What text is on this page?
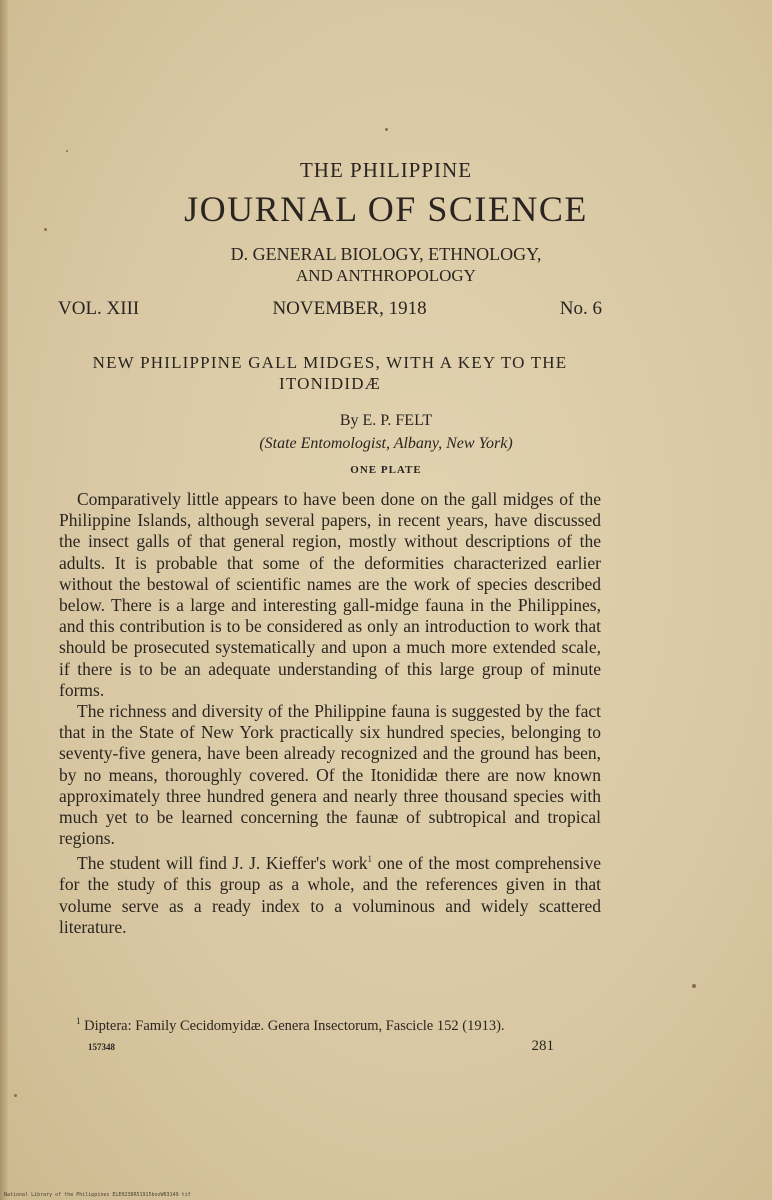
THE PHILIPPINE
JOURNAL OF SCIENCE
D. GENERAL BIOLOGY, ETHNOLOGY,
AND ANTHROPOLOGY
VOL. XIII	NOVEMBER, 1918	No. 6
NEW PHILIPPINE GALL MIDGES, WITH A KEY TO THE ITONIDIDÆ
By E. P. FELT
(State Entomologist, Albany, New York)
ONE PLATE

Comparatively little appears to have been done on the gall midges of the Philippine Islands, although several papers, in recent years, have discussed the insect galls of that general region, mostly without descriptions of the adults. It is probable that some of the deformities characterized earlier without the bestowal of scientific names are the work of species described below. There is a large and interesting gall-midge fauna in the Philippines, and this contribution is to be considered as only an introduction to work that should be prosecuted systematically and upon a much more extended scale, if there is to be an adequate understanding of this large group of minute forms.

The richness and diversity of the Philippine fauna is suggested by the fact that in the State of New York practically six hundred species, belonging to seventy-five genera, have been already recognized and the ground has been, by no means, thoroughly covered. Of the Itonididæ there are now known approximately three hundred genera and nearly three thousand species with much yet to be learned concerning the faunæ of subtropical and tropical regions.

The student will find J. J. Kieffer's work$^1$ one of the most comprehensive for the study of this group as a whole, and the references given in that volume serve as a ready index to a voluminous and widely scattered literature.

$^1$ Diptera: Family Cecidomyidæ. Genera Insectorum, Fascicle 152 (1913).
157348	281
National Library of the Philippines ELE0238R51915bozW03149 tif
